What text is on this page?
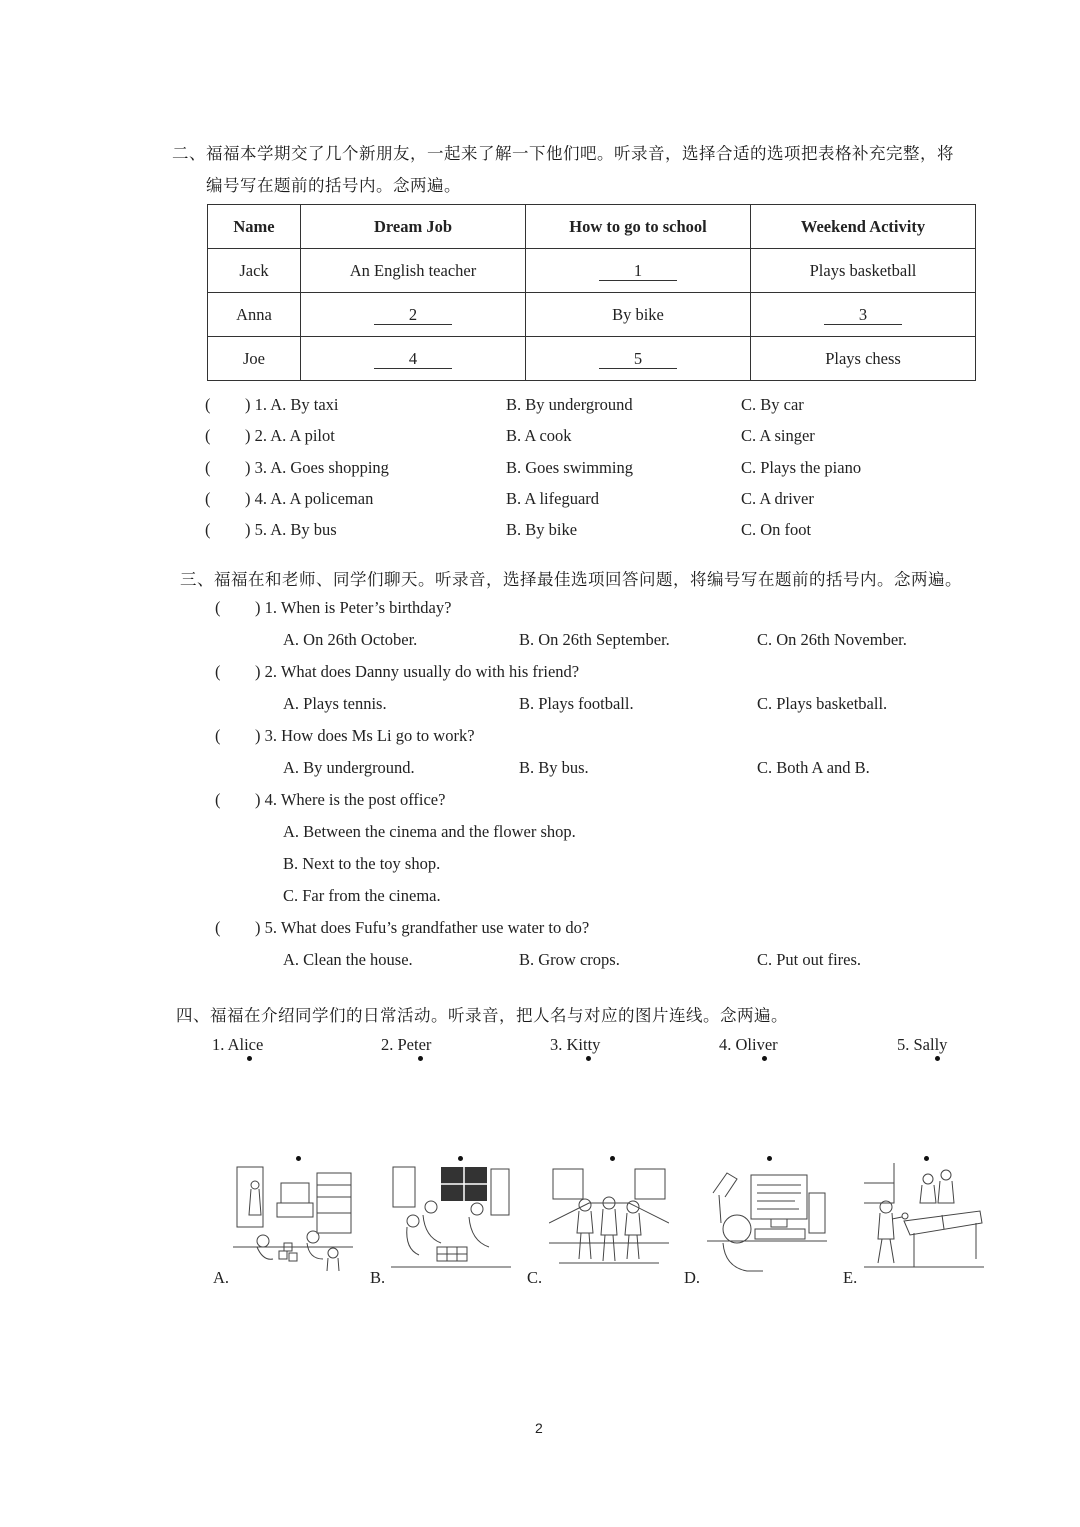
二、福福本学期交了几个新朋友，一起来了解一下他们吧。听录音，选择合适的选项把表格补充完整，将
编号写在题前的括号内。念两遍。
Name	Dream Job	How to go to school	Weekend Activity
Jack	An English teacher	1	Plays basketball
Anna	2	By bike	3
Joe	4	5	Plays chess
( ) 1. A. By taxi	B. By underground	C. By car
( ) 2. A. A pilot	B. A cook	C. A singer
( ) 3. A. Goes shopping	B. Goes swimming	C. Plays the piano
( ) 4. A. A policeman	B. A lifeguard	C. A driver
( ) 5. A. By bus	B. By bike	C. On foot
三、福福在和老师、同学们聊天。听录音，选择最佳选项回答问题，将编号写在题前的括号内。念两遍。
( ) 1. When is Peter’s birthday?
A. On 26th October.	B. On 26th September.	C. On 26th November.
( ) 2. What does Danny usually do with his friend?
A. Plays tennis.	B. Plays football.	C. Plays basketball.
( ) 3. How does Ms Li go to work?
A. By underground.	B. By bus.	C. Both A and B.
( ) 4. Where is the post office?
A. Between the cinema and the flower shop.
B. Next to the toy shop.
C. Far from the cinema.
( ) 5. What does Fufu’s grandfather use water to do?
A. Clean the house.	B. Grow crops.	C. Put out fires.
四、福福在介绍同学们的日常活动。听录音，把人名与对应的图片连线。念两遍。
1. Alice	2. Peter	3. Kitty	4. Oliver	5. Sally
A.	B.	C.	D.	E.
2
